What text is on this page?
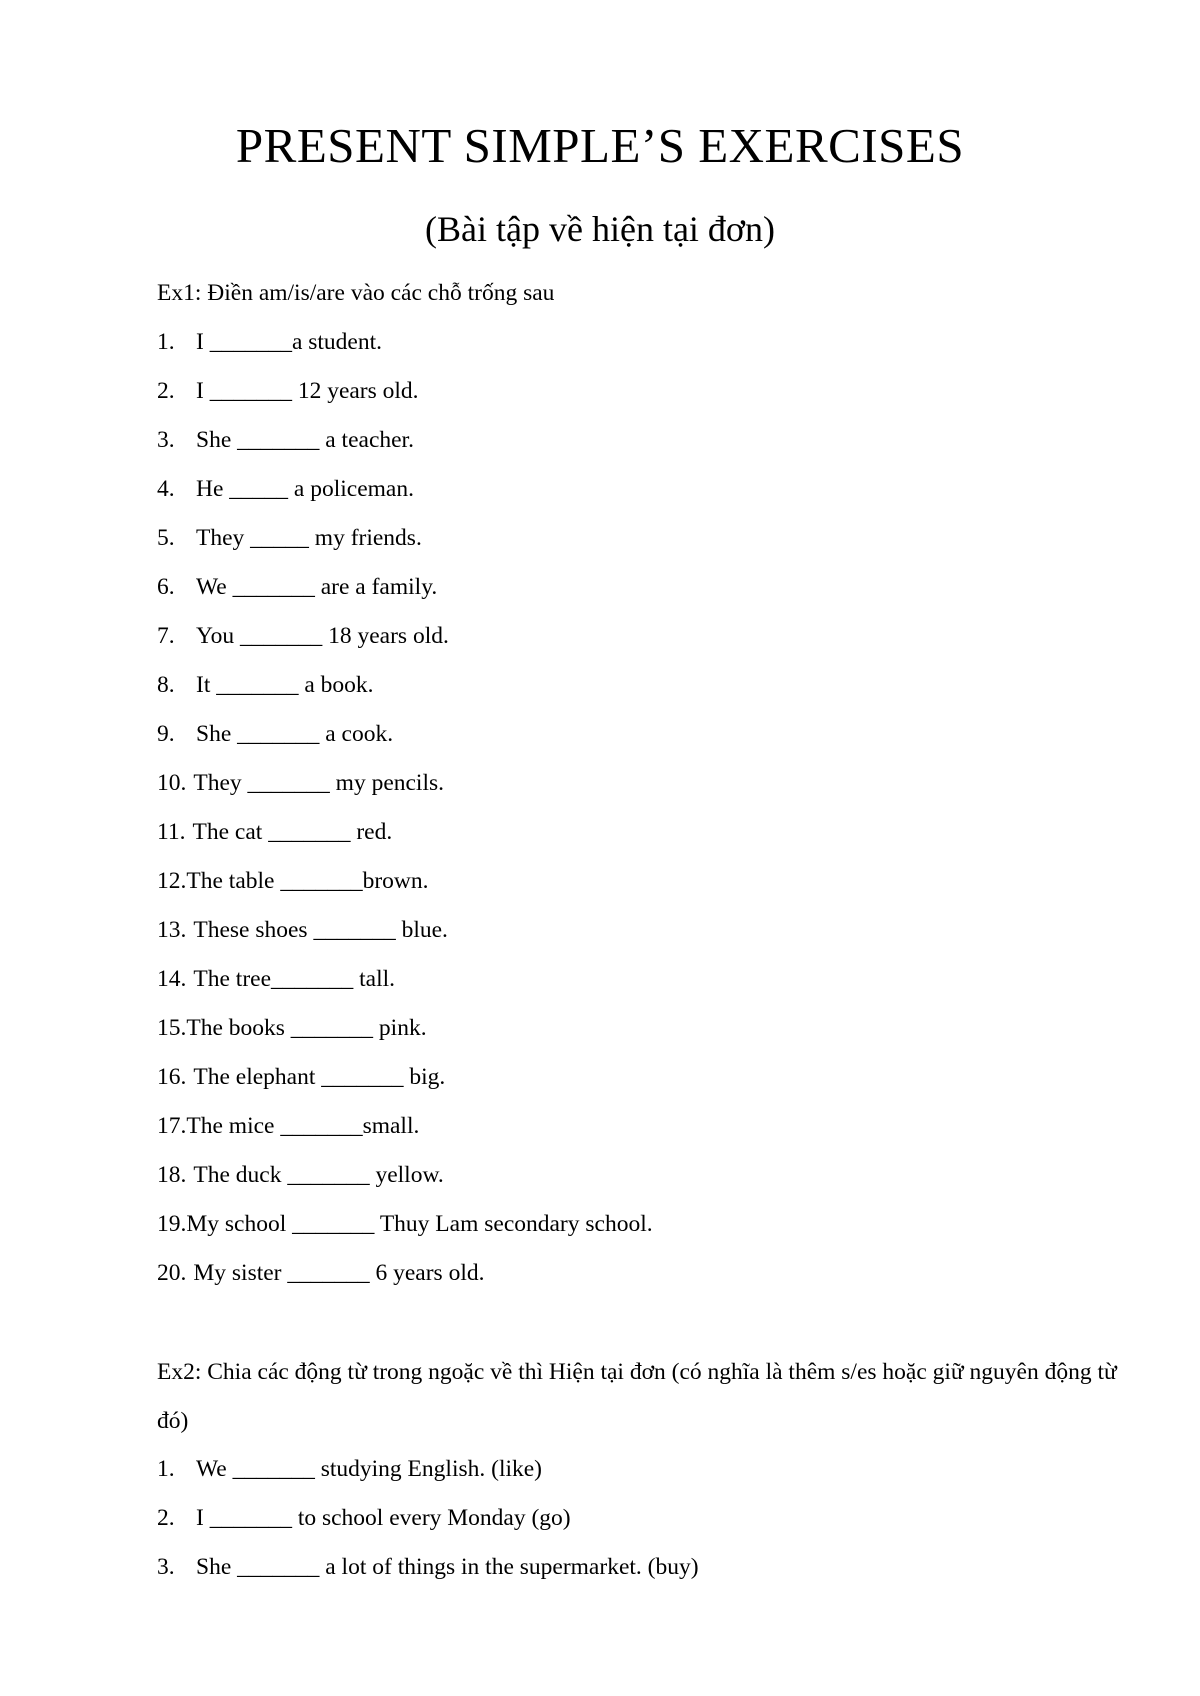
PRESENT SIMPLE’S EXERCISES
(Bài tập về hiện tại đơn)
Ex1: Điền am/is/are vào các chỗ trống sau
1. I _______a student.
2. I _______ 12 years old.
3. She _______ a teacher.
4. He _____ a policeman.
5. They _____ my friends.
6. We _______ are a family.
7. You _______ 18 years old.
8. It _______ a book.
9. She _______ a cook.
10. They _______ my pencils.
11. The cat _______ red.
12.The table _______brown.
13. These shoes _______ blue.
14. The tree_______ tall.
15.The books _______ pink.
16. The elephant _______ big.
17.The mice _______small.
18. The duck _______ yellow.
19.My school _______ Thuy Lam secondary school.
20. My sister _______ 6 years old.
Ex2: Chia các động từ trong ngoặc về thì Hiện tại đơn (có nghĩa là thêm s/es hoặc giữ nguyên động từ đó)
1. We _______ studying English. (like)
2. I _______ to school every Monday (go)
3. She _______ a lot of things in the supermarket. (buy)
